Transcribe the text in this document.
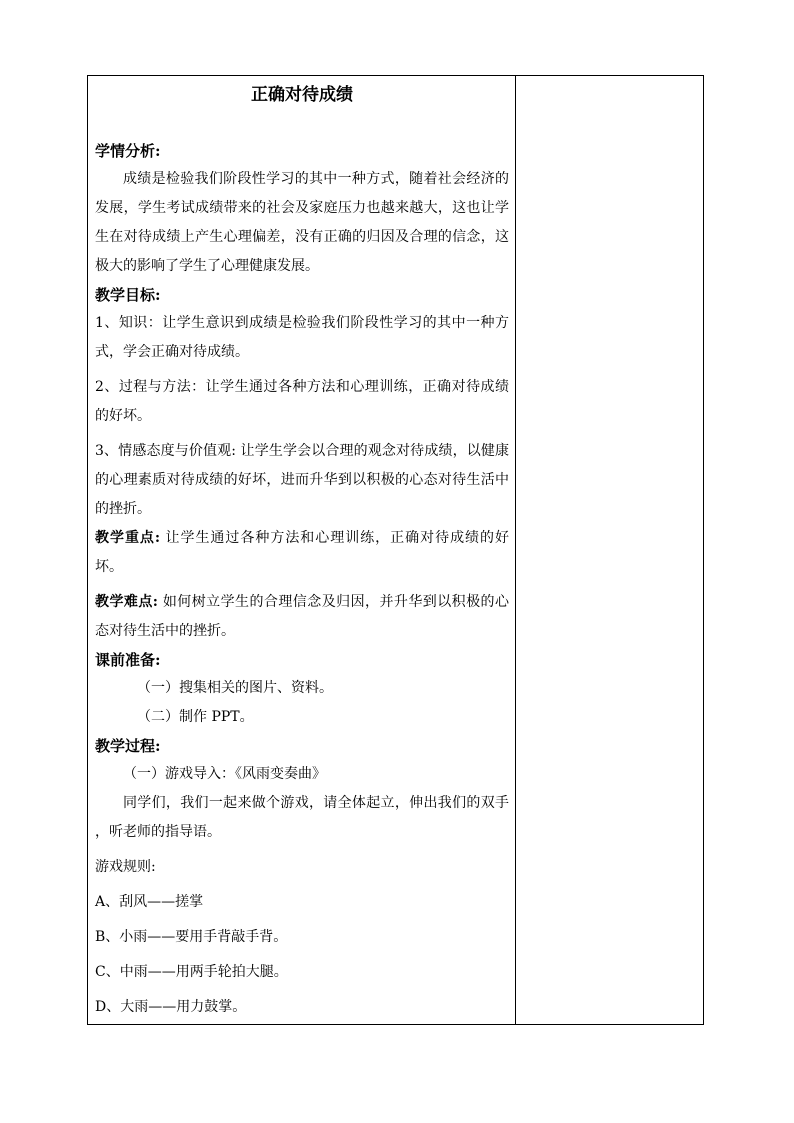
正确对待成绩
学情分析:

成绩是检验我们阶段性学习的其中一种方式，随着社会经济的发展，学生考试成绩带来的社会及家庭压力也越来越大，这也让学生在对待成绩上产生心理偏差，没有正确的归因及合理的信念，这极大的影响了学生了心理健康发展。

教学目标:

1、知识：让学生意识到成绩是检验我们阶段性学习的其中一种方式，学会正确对待成绩。

2、过程与方法：让学生通过各种方法和心理训练，正确对待成绩的好坏。

3、情感态度与价值观: 让学生学会以合理的观念对待成绩，以健康的心理素质对待成绩的好坏，进而升华到以积极的心态对待生活中的挫折。

教学重点: 让学生通过各种方法和心理训练，正确对待成绩的好坏。

教学难点: 如何树立学生的合理信念及归因，并升华到以积极的心态对待生活中的挫折。

课前准备:

（一）搜集相关的图片、资料。

（二）制作 PPT。

教学过程:

（一）游戏导入：《风雨变奏曲》

同学们，我们一起来做个游戏，请全体起立，伸出我们的双手 ，听老师的指导语。

游戏规则:

A、刮风——搓掌

B、小雨——要用手背敲手背。

C、中雨——用两手轮拍大腿。

D、大雨——用力鼓掌。
